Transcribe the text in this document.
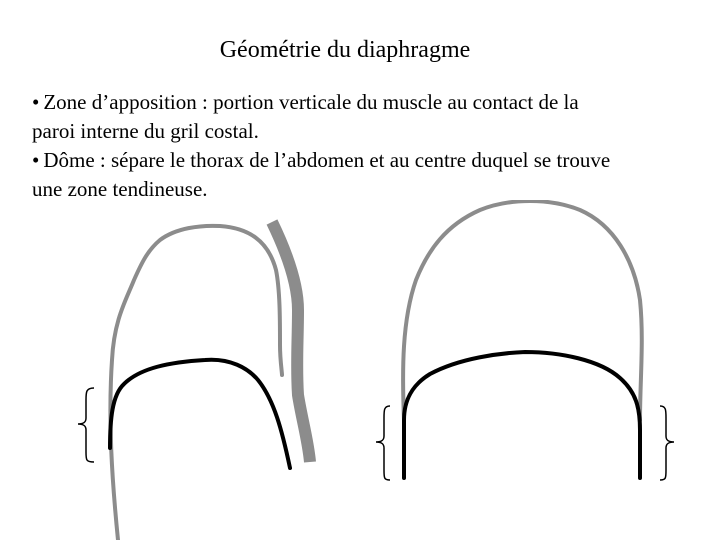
Géométrie du diaphragme
• Zone d’apposition : portion verticale du muscle au contact de la
paroi interne du gril costal.
• Dôme : sépare le thorax de l’abdomen et au centre duquel se trouve
une zone tendineuse.
